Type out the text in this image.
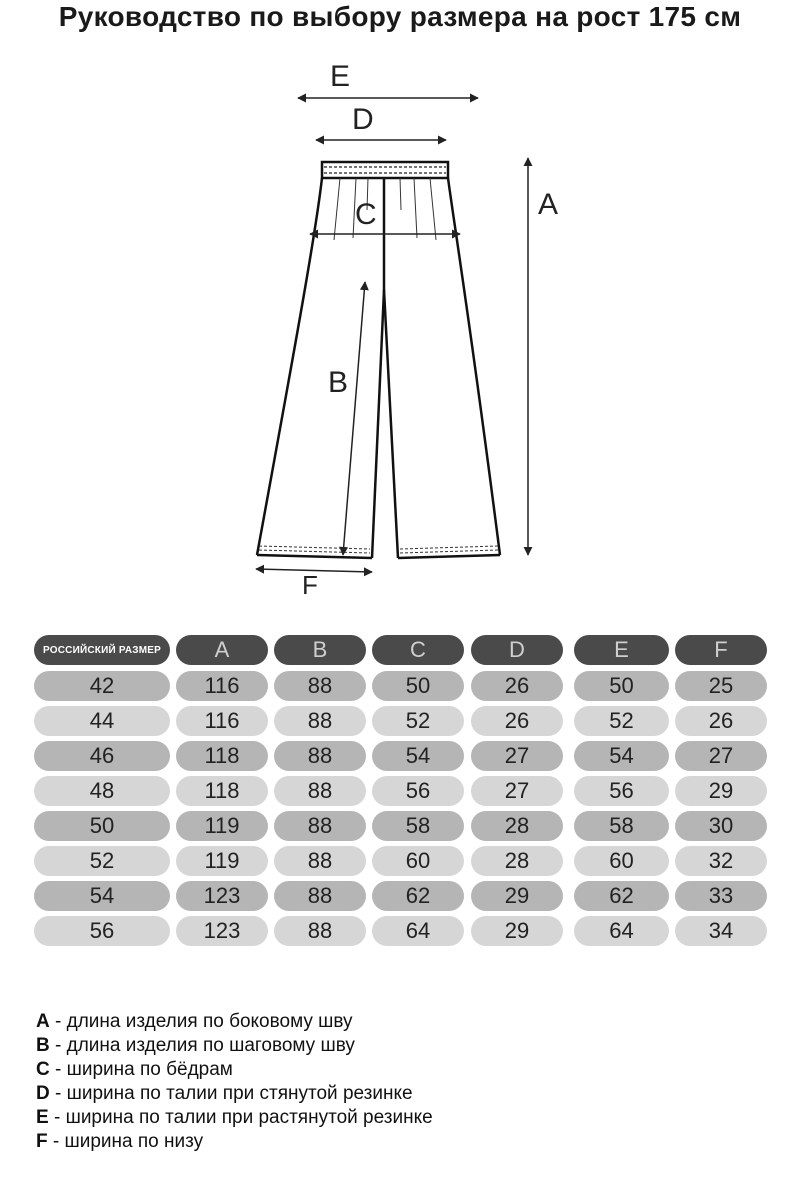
Руководство по выбору размера на рост 175 см
E
D
C	A
B
F
РОССИЙСКИЙ РАЗМЕР	A	B	C	D	E	F
42	116	88	50	26	50	25
44	116	88	52	26	52	26
46	118	88	54	27	54	27
48	118	88	56	27	56	29
50	119	88	58	28	58	30
52	119	88	60	28	60	32
54	123	88	62	29	62	33
56	123	88	64	29	64	34
A - длина изделия по боковому шву
B - длина изделия по шаговому шву
C - ширина по бёдрам
D - ширина по талии при стянутой резинке
E - ширина по талии при растянутой резинке
F - ширина по низу
